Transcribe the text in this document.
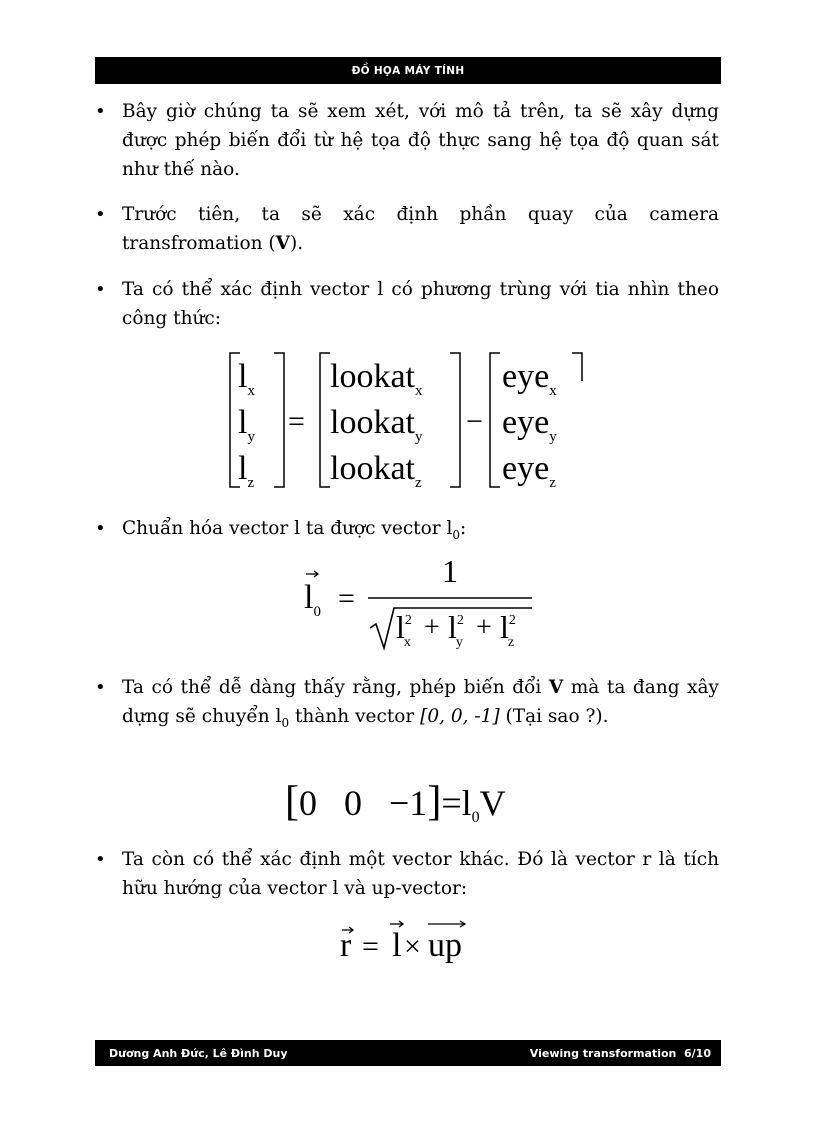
ĐỒ HỌA MÁY TÍNH
• Bây giờ chúng ta sẽ xem xét, với mô tả trên, ta sẽ xây dựng được phép biến đổi từ hệ tọa độ thực sang hệ tọa độ quan sát như thế nào.
• Trước tiên, ta sẽ xác định phần quay của camera transfromation (V).
• Ta có thể xác định vector l có phương trùng với tia nhìn theo công thức:
$l_x$
$l_y$
$l_z$
=
lookat$_x$
lookat$_y$
lookat$_z$
−
eye$_x$
eye$_y$
eye$_z$
• Chuẩn hóa vector l ta được vector $l_0$:
$l_0$ =
1
$l^2$ $x + l^2$ $y + l^2$ z
• Ta có thể dễ dàng thấy rằng, phép biến đổi V mà ta đang xây dựng sẽ chuyển $l_0$ thành vector [0, 0, -1] (Tại sao ?).
[0   $0 -1]=l_0V$
• Ta còn có thể xác định một vector khác. Đó là vector r là tích hữu hướng của vector l và up-vector:
r = l × up
Dương Anh Đức, Lê Đình Duy	Viewing transformation  6/10
